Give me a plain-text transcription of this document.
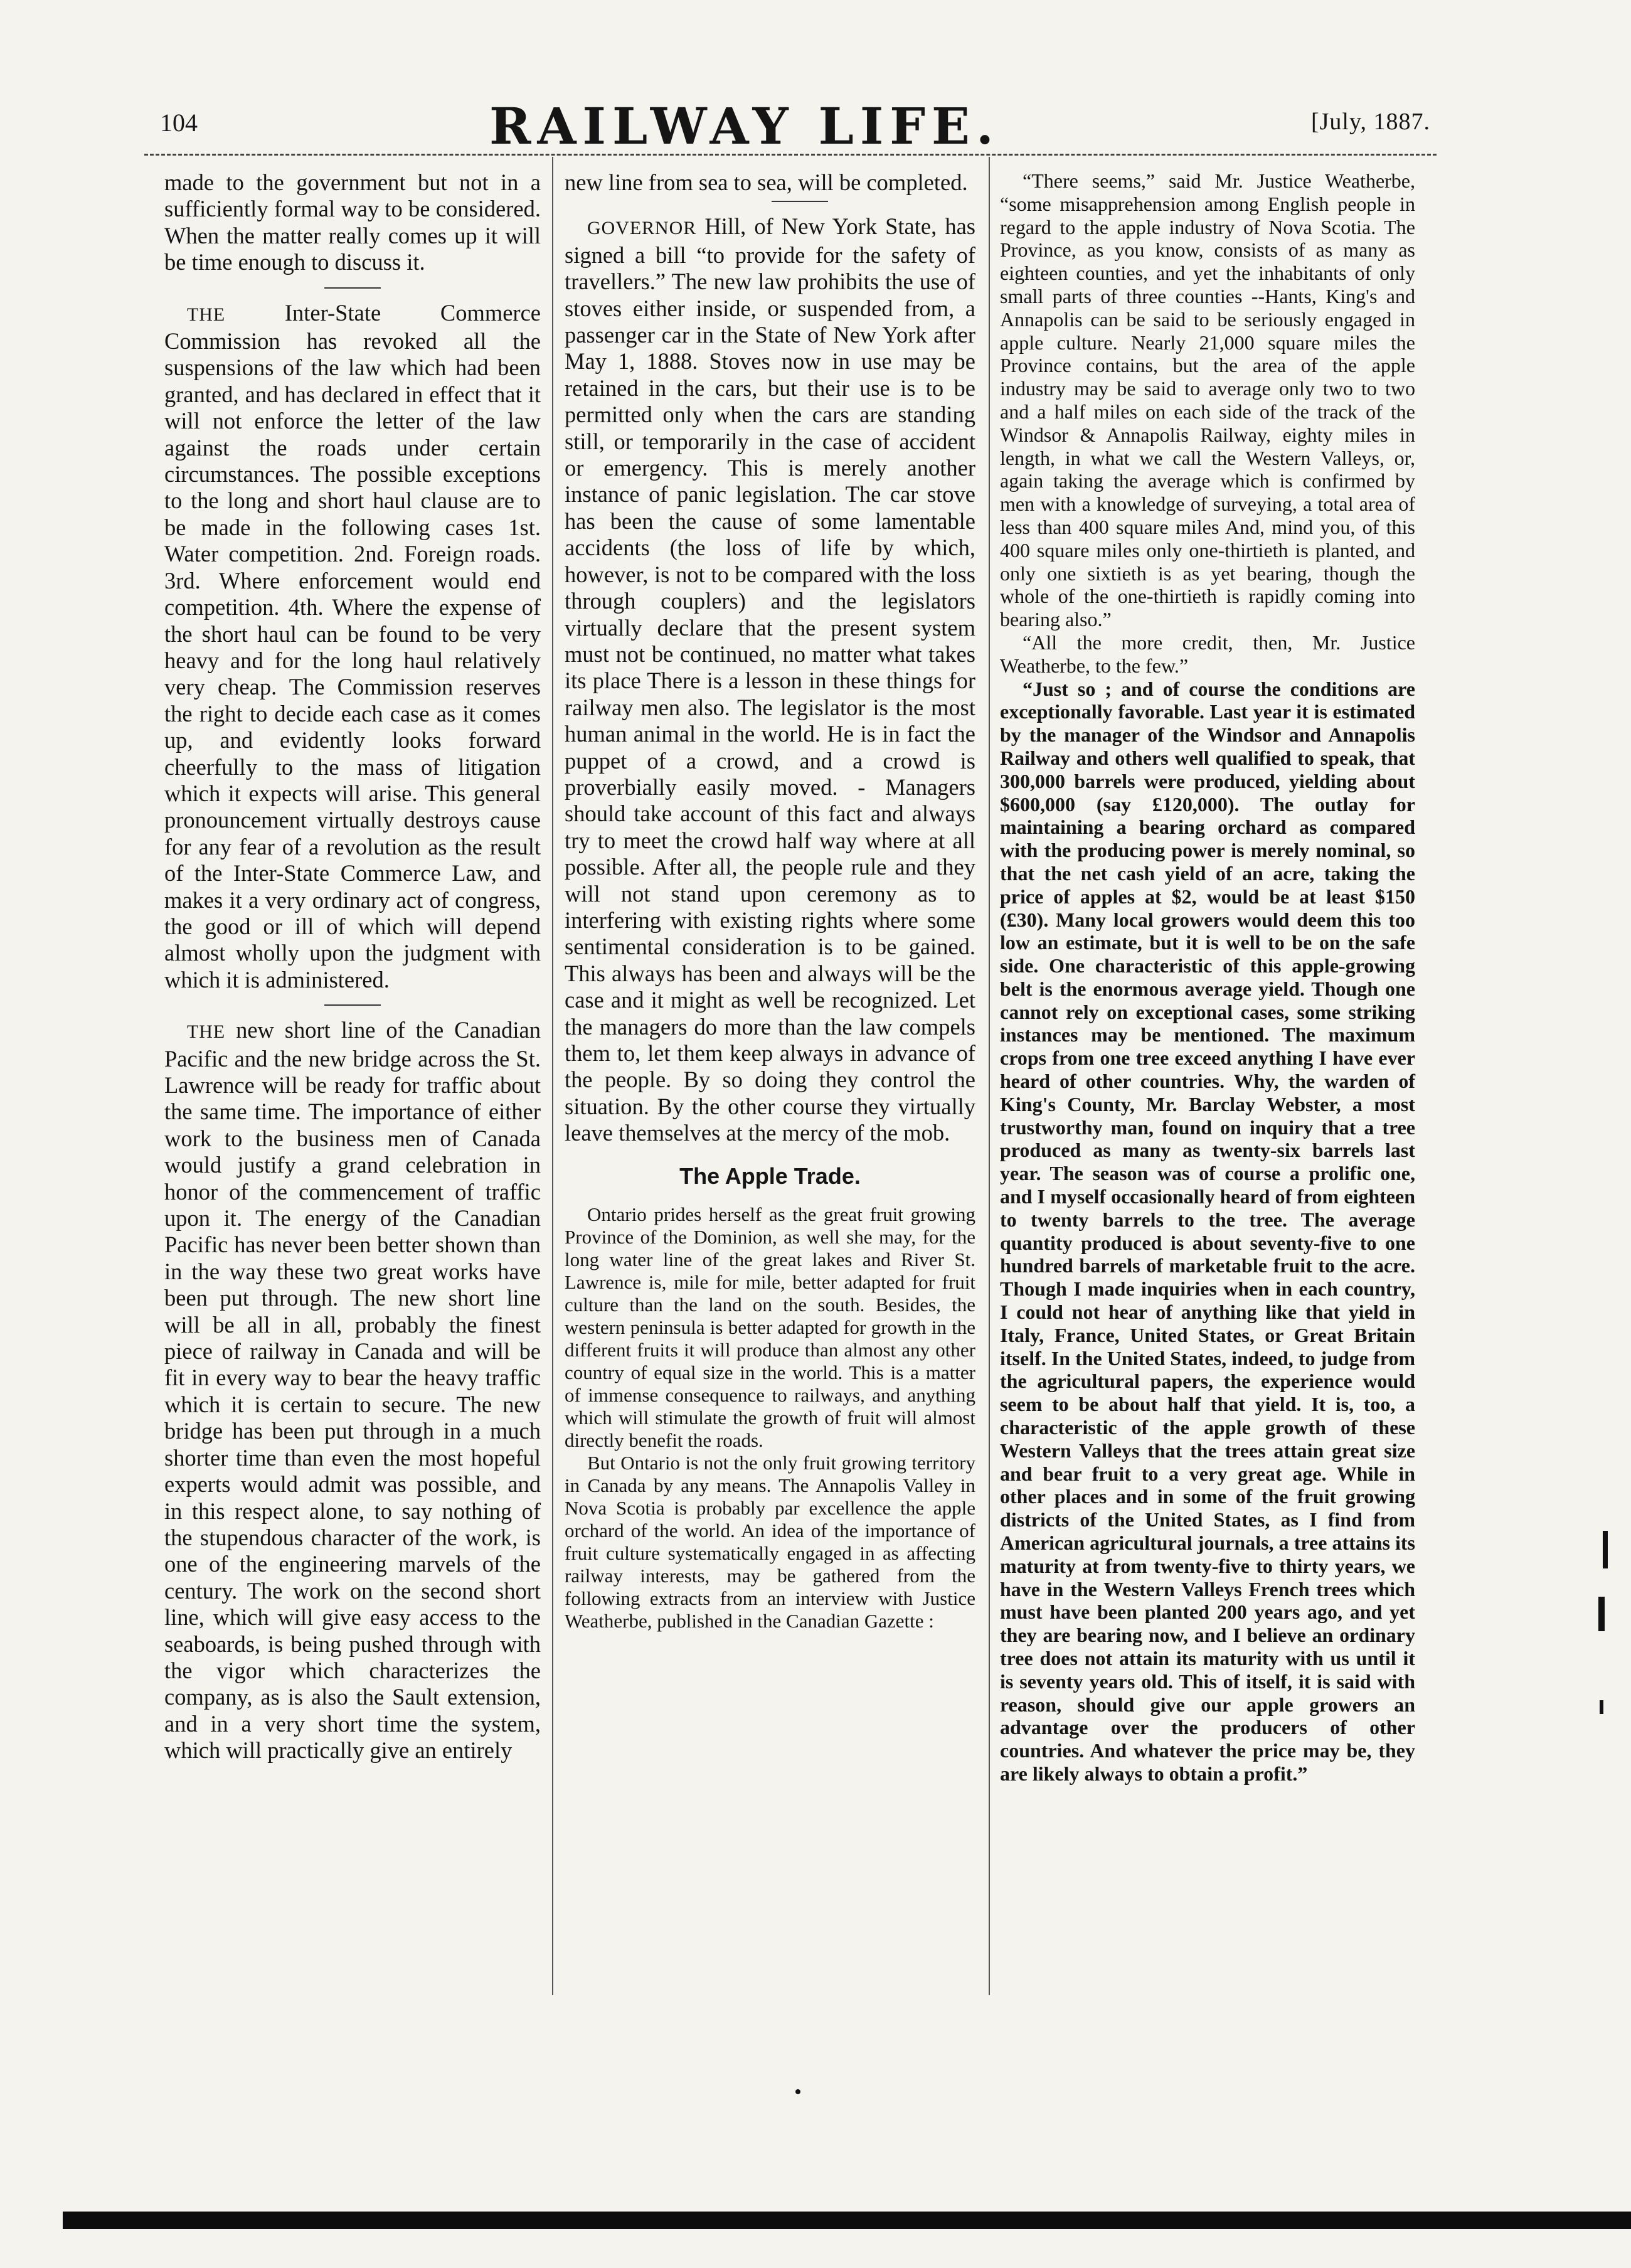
104	RAILWAY LIFE.	[July, 1887.

made to the government but not in a sufficiently formal way to be considered. When the matter really comes up it will be time enough to discuss it.

THE	Inter-State Commerce Commission has revoked all the suspensions of the law which had been granted, and has declared in effect that it will not enforce the letter of the law against the roads under certain circumstances. The possible exceptions to the long and short haul clause are to be made in the following cases 1st. Water competition. 2nd. Foreign roads. 3rd. Where enforcement would end competition. 4th. Where the expense of the short haul can be found to be very heavy and for the long haul relatively very cheap. The Commission reserves the right to decide each case as it comes up, and evidently looks forward cheerfully to the mass of litigation which it expects will arise. This general pronouncement virtually destroys cause for any fear of a revolution as the result of the Inter-State Commerce Law, and makes it a very ordinary act of congress, the good or ill of which will depend almost wholly upon the judgment with which it is administered.

THE new short line of the Canadian Pacific and the new bridge across the St. Lawrence will be ready for traffic about the same time. The importance of either work to the business men of Canada would justify a grand celebration in honor of the commencement of traffic upon it. The energy of the Canadian Pacific has never been better shown than in the way these two great works have been put through. The new short line will be all in all, probably the finest piece of railway in Canada and will be fit in every way to bear the heavy traffic which it is certain to secure. The new bridge has been put through in a much shorter time than even the most hopeful experts would admit was possible, and in this respect alone, to say nothing of the stupendous character of the work, is one of the engineering marvels of the century. The work on the second short line, which will give easy access to the seaboards, is being pushed through with the vigor which characterizes the company, as is also the Sault extension, and in a very short time the system, which will practically give an entirely

new line from sea to sea, will be completed.

GOVERNOR Hill, of New York State, has signed a bill “to provide for the safety of travellers.” The new law prohibits the use of stoves either inside, or suspended from, a passenger car in the State of New York after May 1, 1888. Stoves now in use may be retained in the cars, but their use is to be permitted only when the cars are standing still, or temporarily in the case of accident or emergency. This is merely another instance of panic legislation. The car stove has been the cause of some lamentable accidents (the loss of life by which, however, is not to be compared with the loss through couplers) and the legislators virtually declare that the present system must not be continued, no matter what takes its place There is a lesson in these things for railway men also. The legislator is the most human animal in the world. He is in fact the puppet of a crowd, and a crowd is proverbially easily moved. - Managers should take account of this fact and always try to meet the crowd half way where at all possible. After all, the people rule and they will not stand upon ceremony as to interfering with existing rights where some sentimental consideration is to be gained. This always has been and always will be the case and it might as well be recognized. Let the managers do more than the law compels them to, let them keep always in advance of the people. By so doing they control the situation. By the other course they virtually leave themselves at the mercy of the mob.

The Apple Trade.

Ontario prides herself as the great fruit growing Province of the Dominion, as well she may, for the long water line of the great lakes and River St. Lawrence is, mile for mile, better adapted for fruit culture than the land on the south. Besides, the western peninsula is better adapted for growth in the different fruits it will produce than almost any other country of equal size in the world. This is a matter of immense consequence to railways, and anything which will stimulate the growth of fruit will almost directly benefit the roads.

But Ontario is not the only fruit growing territory in Canada by any means. The Annapolis Valley in Nova Scotia is probably par excellence the apple orchard of the world. An idea of the importance of fruit culture systematically engaged in as affecting railway interests, may be gathered from the following extracts from an interview with Justice Weatherbe, published in the Canadian Gazette :

“There seems,” said Mr. Justice Weatherbe, “some misapprehension among English people in regard to the apple industry of Nova Scotia. The Province, as you know, consists of as many as eighteen counties, and yet the inhabitants of only small parts of three counties --Hants, King's and Annapolis can be said to be seriously engaged in apple culture. Nearly 21,000 square miles the Province contains, but the area of the apple industry may be said to average only two to two and a half miles on each side of the track of the Windsor & Annapolis Railway, eighty miles in length, in what we call the Western Valleys, or, again taking the average which is confirmed by men with a knowledge of surveying, a total area of less than 400 square miles And, mind you, of this 400 square miles only one-thirtieth is planted, and only one sixtieth is as yet bearing, though the whole of the one-thirtieth is rapidly coming into bearing also.”

“All the more credit, then, Mr. Justice Weatherbe, to the few.”

“Just so ; and of course the conditions are exceptionally favorable. Last year it is estimated by the manager of the Windsor and Annapolis Railway and others well qualified to speak, that 300,000 barrels were produced, yielding about $600,000 (say £120,000). The outlay for maintaining a bearing orchard as compared with the producing power is merely nominal, so that the net cash yield of an acre, taking the price of apples at $2, would be at least $150 (£30). Many local growers would deem this too low an estimate, but it is well to be on the safe side. One characteristic of this apple-growing belt is the enormous average yield. Though one cannot rely on exceptional cases, some striking instances may be mentioned. The maximum crops from one tree exceed anything I have ever heard of other countries. Why, the warden of King's County, Mr. Barclay Webster, a most trustworthy man, found on inquiry that a tree produced as many as twenty-six barrels last year. The season was of course a prolific one, and I myself occasionally heard of from eighteen to twenty barrels to the tree. The average quantity produced is about seventy-five to one hundred barrels of marketable fruit to the acre. Though I made inquiries when in each country, I could not hear of anything like that yield in Italy, France, United States, or Great Britain itself. In the United States, indeed, to judge from the agricultural papers, the experience would seem to be about half that yield. It is, too, a characteristic of the apple growth of these Western Valleys that the trees attain great size and bear fruit to a very great age. While in other places and in some of the fruit growing districts of the United States, as I find from American agricultural journals, a tree attains its maturity at from twenty-five to thirty years, we have in the Western Valleys French trees which must have been planted 200 years ago, and yet they are bearing now, and I believe an ordinary tree does not attain its maturity with us until it is seventy years old. This of itself, it is said with reason, should give our apple growers an advantage over the producers of other countries. And whatever the price may be, they are likely always to obtain a profit.”
